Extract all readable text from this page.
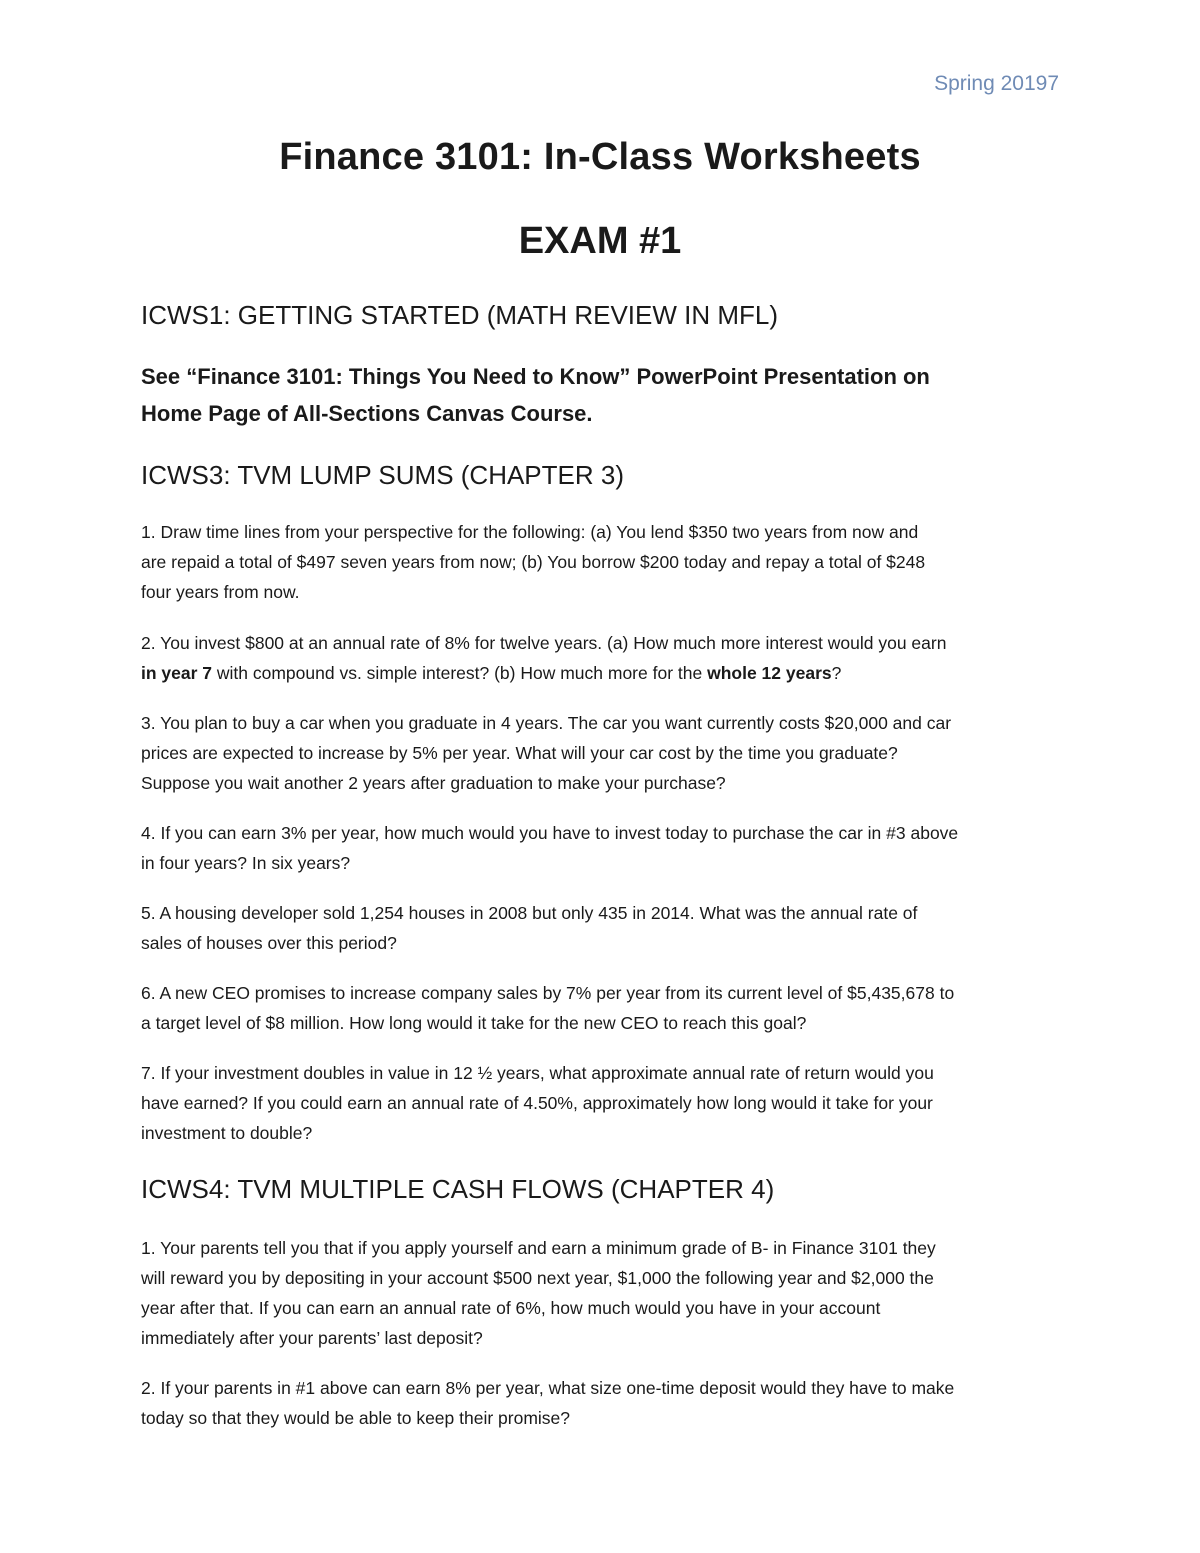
Spring 20197
Finance 3101: In-Class Worksheets
EXAM #1
ICWS1: GETTING STARTED (MATH REVIEW IN MFL)

See “Finance 3101: Things You Need to Know” PowerPoint Presentation on

Home Page of All-Sections Canvas Course.

ICWS3: TVM LUMP SUMS (CHAPTER 3)

1. Draw time lines from your perspective for the following: (a) You lend $350 two years from now and

are repaid a total of $497 seven years from now; (b) You borrow $200 today and repay a total of $248

four years from now.

2. You invest $800 at an annual rate of 8% for twelve years. (a) How much more interest would you earn

in year 7 with compound vs. simple interest? (b) How much more for the whole 12 years?

3. You plan to buy a car when you graduate in 4 years. The car you want currently costs $20,000 and car

prices are expected to increase by 5% per year. What will your car cost by the time you graduate?

Suppose you wait another 2 years after graduation to make your purchase?

4. If you can earn 3% per year, how much would you have to invest today to purchase the car in #3 above

in four years? In six years?

5. A housing developer sold 1,254 houses in 2008 but only 435 in 2014. What was the annual rate of

sales of houses over this period?

6. A new CEO promises to increase company sales by 7% per year from its current level of $5,435,678 to

a target level of $8 million. How long would it take for the new CEO to reach this goal?

7. If your investment doubles in value in 12 ½ years, what approximate annual rate of return would you

have earned? If you could earn an annual rate of 4.50%, approximately how long would it take for your

investment to double?

ICWS4: TVM MULTIPLE CASH FLOWS (CHAPTER 4)

1. Your parents tell you that if you apply yourself and earn a minimum grade of B- in Finance 3101 they

will reward you by depositing in your account $500 next year, $1,000 the following year and $2,000 the

year after that. If you can earn an annual rate of 6%, how much would you have in your account

immediately after your parents’ last deposit?

2. If your parents in #1 above can earn 8% per year, what size one-time deposit would they have to make

today so that they would be able to keep their promise?
